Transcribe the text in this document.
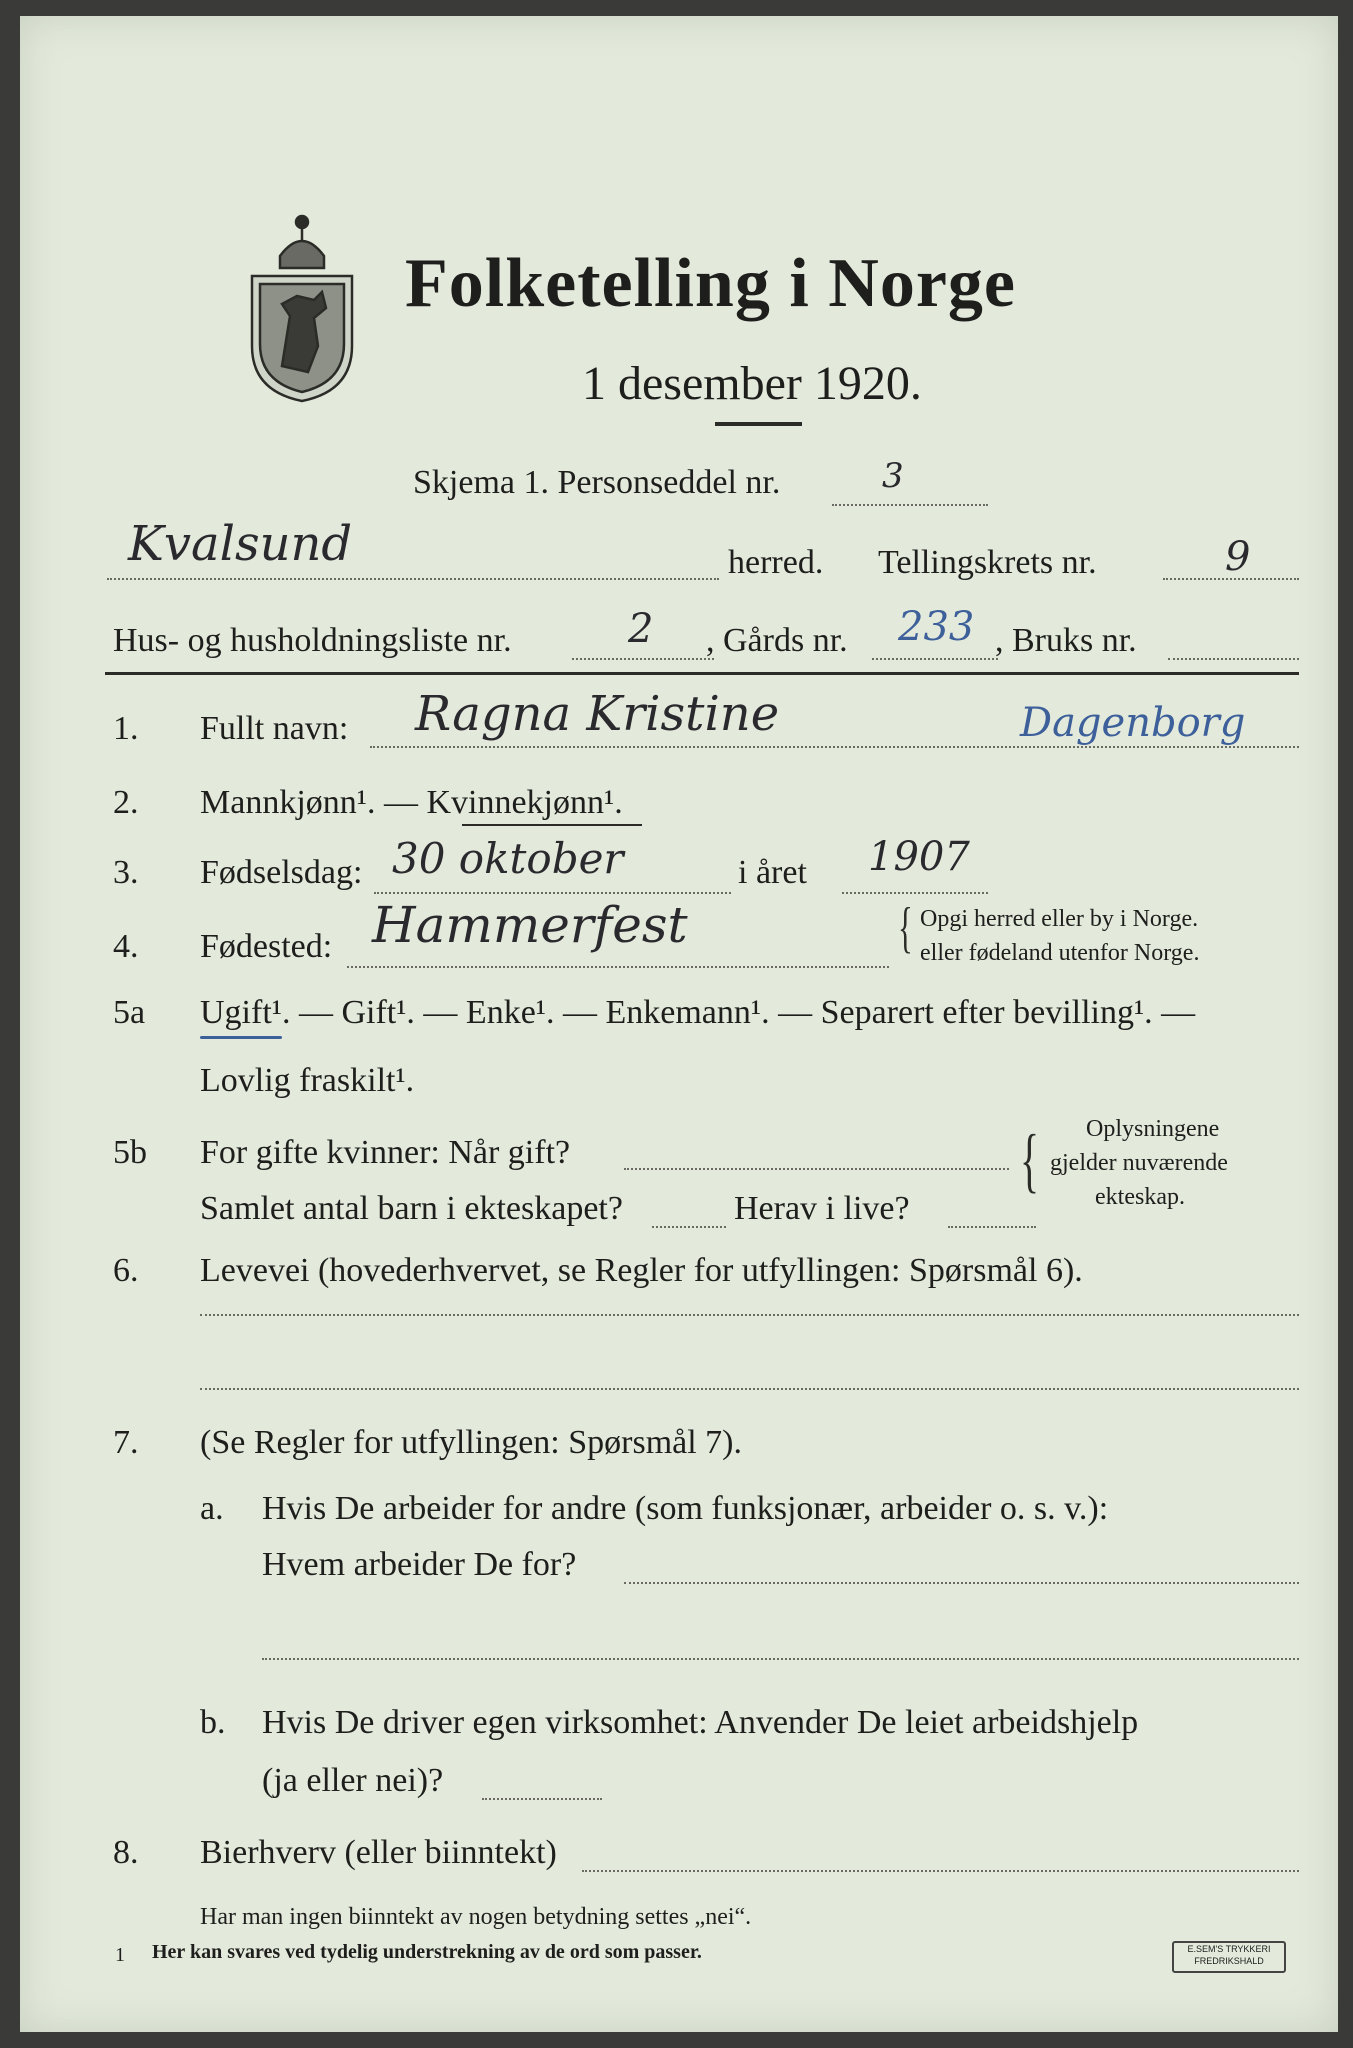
Folketelling i Norge
1 desember 1920.
Skjema 1. Personseddel nr.	3
Kvalsund	herred. Tellingskrets nr.	9
Hus- og husholdningsliste nr.	2 , Gårds nr. 233 , Bruks nr.
1. Fullt navn: Ragna Kristine	Dagenborg
2. Mannkjønn¹. — Kvinnekjønn¹.
3. Fødselsdag: 30 oktober	i året 1907
4. Fødested: Hammerfest	{ Opgi herred eller by i Norge.
eller fødeland utenfor Norge.
5a Ugift¹. — Gift¹. — Enke¹. — Enkemann¹. — Separert efter bevilling¹. —
Lovlig fraskilt¹.
5b For gifte kvinner: Når gift?
Samlet antal barn i ekteskapet?	Herav i live?
{ Oplysningene
gjelder nuværende
ekteskap.
6. Levevei (hovederhvervet, se Regler for utfyllingen: Spørsmål 6).
7. (Se Regler for utfyllingen: Spørsmål 7).
a. Hvis De arbeider for andre (som funksjonær, arbeider o. s. v.):
Hvem arbeider De for?
b. Hvis De driver egen virksomhet: Anvender De leiet arbeidshjelp
(ja eller nei)?
8. Bierhverv (eller biinntekt)
Har man ingen biinntekt av nogen betydning settes „nei“.
1 Her kan svares ved tydelig understrekning av de ord som passer.	E.SEM'S TRYKKERI
FREDRIKSHALD
